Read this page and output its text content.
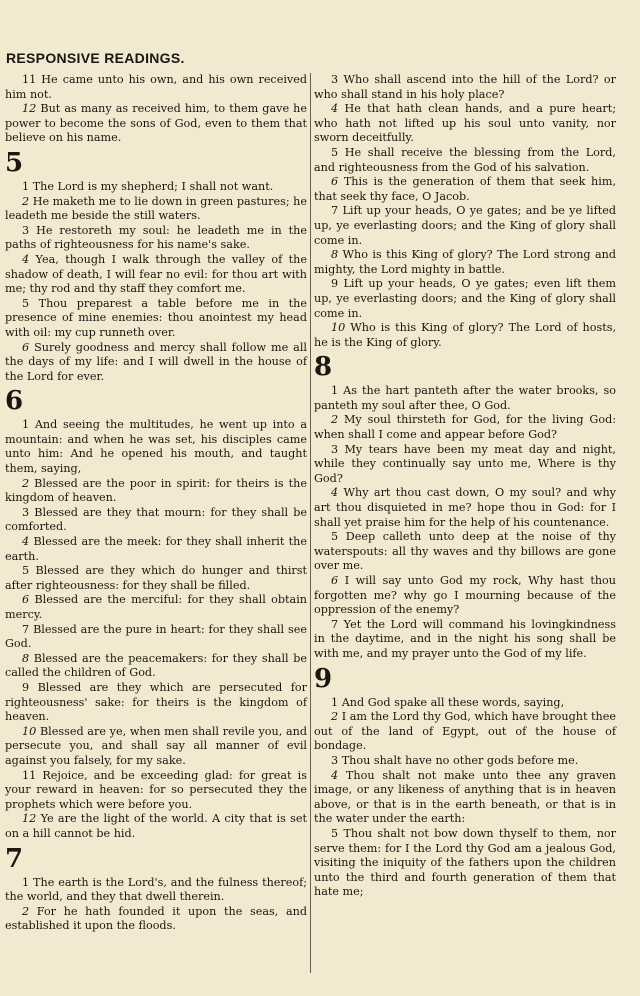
RESPONSIVE READINGS.

11 He came unto his own, and his own received him not.

12 But as many as received him, to them gave he power to become the sons of God, even to them that believe on his name.

5

1 The Lord is my shepherd; I shall not want.

2 He maketh me to lie down in green pastures; he leadeth me beside the still waters.

3 He restoreth my soul: he leadeth me in the paths of righteousness for his name's sake.

4 Yea, though I walk through the valley of the shadow of death, I will fear no evil: for thou art with me; thy rod and thy staff they comfort me.

5 Thou preparest a table before me in the presence of mine enemies: thou anointest my head with oil: my cup runneth over.

6 Surely goodness and mercy shall follow me all the days of my life: and I will dwell in the house of the Lord for ever.

6

1 And seeing the multitudes, he went up into a mountain: and when he was set, his disciples came unto him: And he opened his mouth, and taught them, saying,

2 Blessed are the poor in spirit: for theirs is the kingdom of heaven.

3 Blessed are they that mourn: for they shall be comforted.

4 Blessed are the meek: for they shall inherit the earth.

5 Blessed are they which do hunger and thirst after righteousness: for they shall be filled.

6 Blessed are the merciful: for they shall obtain mercy.

7 Blessed are the pure in heart: for they shall see God.

8 Blessed are the peacemakers: for they shall be called the children of God.

9 Blessed are they which are persecuted for righteousness' sake: for theirs is the kingdom of heaven.

10 Blessed are ye, when men shall revile you, and persecute you, and shall say all manner of evil against you falsely, for my sake.

11 Rejoice, and be exceeding glad: for great is your reward in heaven: for so persecuted they the prophets which were before you.

12 Ye are the light of the world. A city that is set on a hill cannot be hid.

7

1 The earth is the Lord's, and the fulness thereof; the world, and they that dwell therein.

2 For he hath founded it upon the seas, and established it upon the floods.

3 Who shall ascend into the hill of the Lord? or who shall stand in his holy place?

4 He that hath clean hands, and a pure heart; who hath not lifted up his soul unto vanity, nor sworn deceitfully.

5 He shall receive the blessing from the Lord, and righteousness from the God of his salvation.

6 This is the generation of them that seek him, that seek thy face, O Jacob.

7 Lift up your heads, O ye gates; and be ye lifted up, ye everlasting doors; and the King of glory shall come in.

8 Who is this King of glory? The Lord strong and mighty, the Lord mighty in battle.

9 Lift up your heads, O ye gates; even lift them up, ye everlasting doors; and the King of glory shall come in.

10 Who is this King of glory? The Lord of hosts, he is the King of glory.

8

1 As the hart panteth after the water brooks, so panteth my soul after thee, O God.

2 My soul thirsteth for God, for the living God: when shall I come and appear before God?

3 My tears have been my meat day and night, while they continually say unto me, Where is thy God?

4 Why art thou cast down, O my soul? and why art thou disquieted in me? hope thou in God: for I shall yet praise him for the help of his countenance.

5 Deep calleth unto deep at the noise of thy waterspouts: all thy waves and thy billows are gone over me.

6 I will say unto God my rock, Why hast thou forgotten me? why go I mourning because of the oppression of the enemy?

7 Yet the Lord will command his lovingkindness in the daytime, and in the night his song shall be with me, and my prayer unto the God of my life.

9

1 And God spake all these words, saying,

2 I am the Lord thy God, which have brought thee out of the land of Egypt, out of the house of bondage.

3 Thou shalt have no other gods before me.

4 Thou shalt not make unto thee any graven image, or any likeness of anything that is in heaven above, or that is in the earth beneath, or that is in the water under the earth:

5 Thou shalt not bow down thyself to them, nor serve them: for I the Lord thy God am a jealous God, visiting the iniquity of the fathers upon the children unto the third and fourth generation of them that hate me;
